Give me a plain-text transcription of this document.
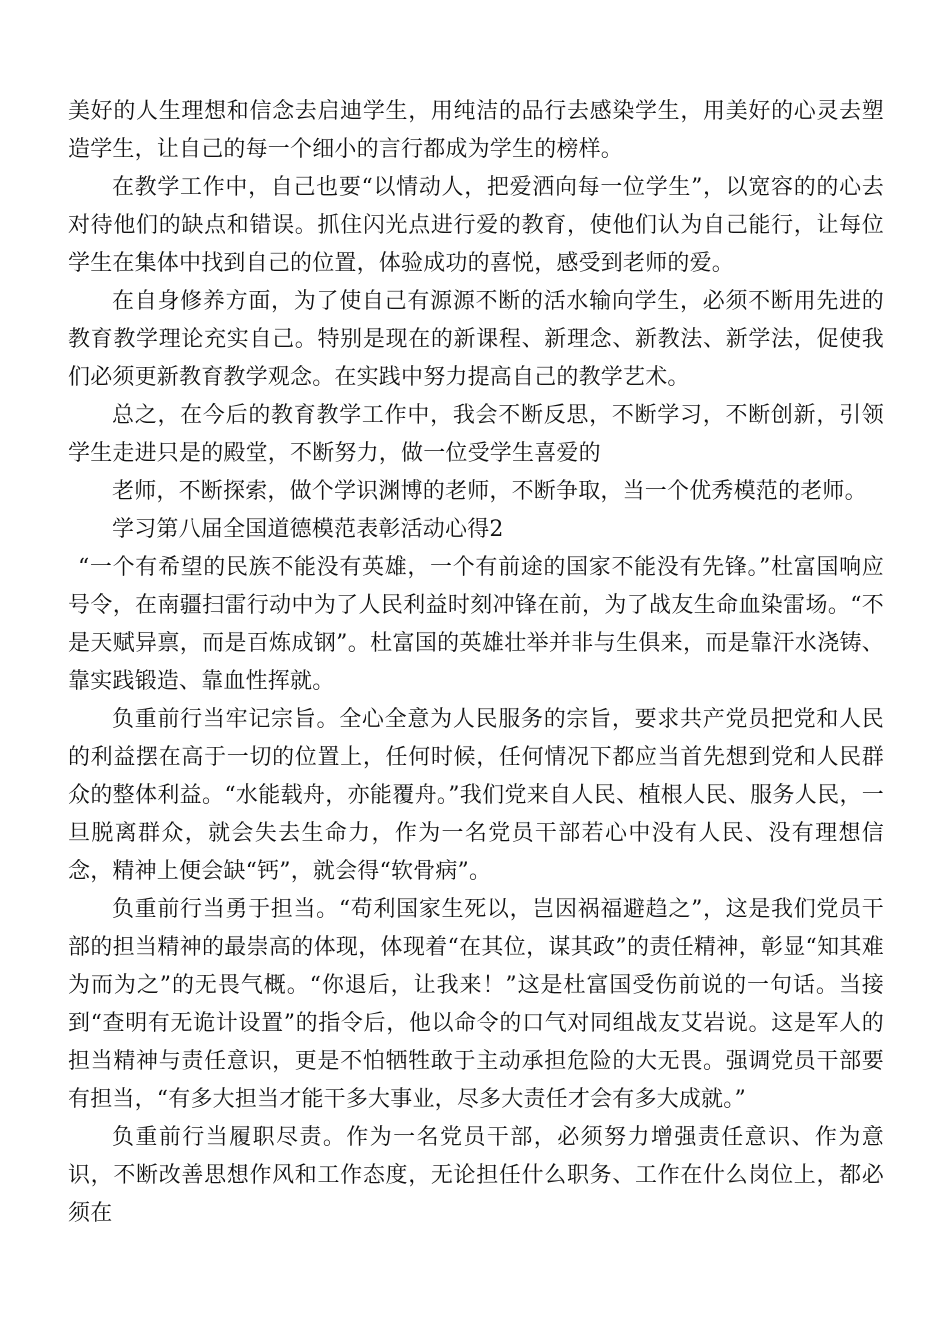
美好的人生理想和信念去启迪学生，用纯洁的品行去感染学生，用美好的心灵去塑造学生，让自己的每一个细小的言行都成为学生的榜样。

在教学工作中，自己也要“以情动人，把爱洒向每一位学生”，以宽容的的心去对待他们的缺点和错误。抓住闪光点进行爱的教育，使他们认为自己能行，让每位学生在集体中找到自己的位置，体验成功的喜悦，感受到老师的爱。

在自身修养方面，为了使自己有源源不断的活水输向学生，必须不断用先进的教育教学理论充实自己。特别是现在的新课程、新理念、新教法、新学法，促使我们必须更新教育教学观念。在实践中努力提高自己的教学艺术。

总之，在今后的教育教学工作中，我会不断反思，不断学习，不断创新，引领学生走进只是的殿堂，不断努力，做一位受学生喜爱的

老师，不断探索，做个学识渊博的老师，不断争取，当一个优秀模范的老师。

学习第八届全国道德模范表彰活动心得2

“一个有希望的民族不能没有英雄，一个有前途的国家不能没有先锋。”杜富国响应号令，在南疆扫雷行动中为了人民利益时刻冲锋在前，为了战友生命血染雷场。“不是天赋异禀，而是百炼成钢”。杜富国的英雄壮举并非与生俱来，而是靠汗水浇铸、靠实践锻造、靠血性挥就。

负重前行当牢记宗旨。全心全意为人民服务的宗旨，要求共产党员把党和人民的利益摆在高于一切的位置上，任何时候，任何情况下都应当首先想到党和人民群众的整体利益。“水能载舟，亦能覆舟。”我们党来自人民、植根人民、服务人民，一旦脱离群众，就会失去生命力，作为一名党员干部若心中没有人民、没有理想信念，精神上便会缺“钙”，就会得“软骨病”。

负重前行当勇于担当。“苟利国家生死以，岂因祸福避趋之”，这是我们党员干部的担当精神的最崇高的体现，体现着“在其位，谋其政”的责任精神，彰显“知其难为而为之”的无畏气概。“你退后，让我来！”这是杜富国受伤前说的一句话。当接到“查明有无诡计设置”的指令后，他以命令的口气对同组战友艾岩说。这是军人的担当精神与责任意识，更是不怕牺牲敢于主动承担危险的大无畏。强调党员干部要有担当，“有多大担当才能干多大事业，尽多大责任才会有多大成就。”

负重前行当履职尽责。作为一名党员干部，必须努力增强责任意识、作为意识，不断改善思想作风和工作态度，无论担任什么职务、工作在什么岗位上，都必须在
